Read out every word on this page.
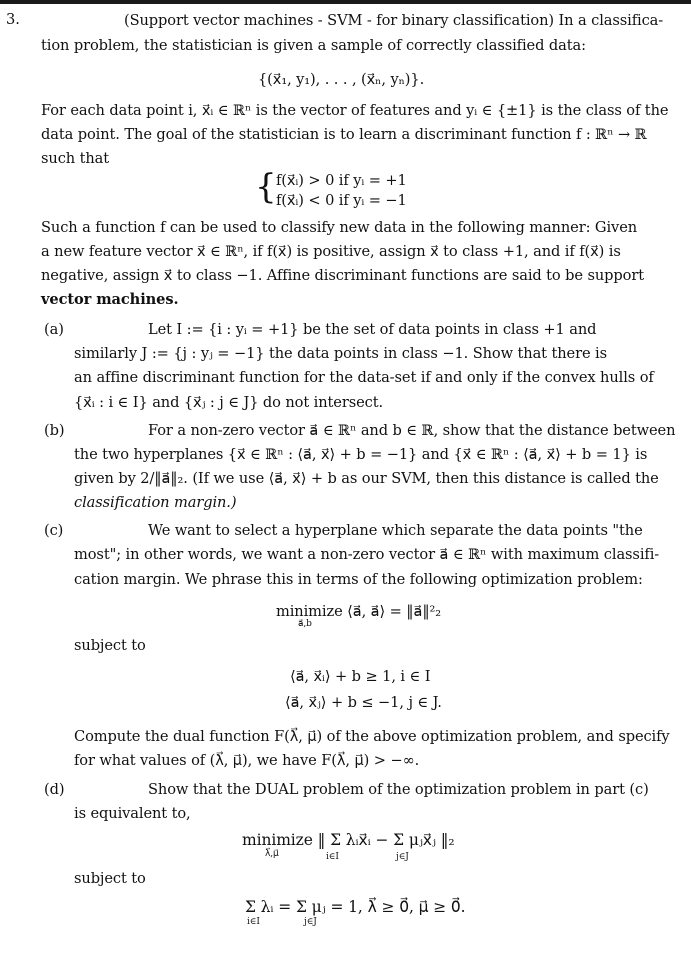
3.	(Support vector machines - SVM - for binary classification) In a classifica-
tion problem, the statistician is given a sample of correctly classified data:
{(x⃗₁, y₁), . . . , (x⃗ₙ, yₙ)}.
For each data point i, x⃗ᵢ ∈ ℝⁿ is the vector of features and yᵢ ∈ {±1} is the class of the
data point. The goal of the statistician is to learn a discriminant function f : ℝⁿ → ℝ
such that
{ f(x⃗ᵢ) > 0 if yᵢ = +1
f(x⃗ᵢ) < 0 if yᵢ = −1
Such a function f can be used to classify new data in the following manner: Given
a new feature vector x⃗ ∈ ℝⁿ, if f(x⃗) is positive, assign x⃗ to class +1, and if f(x⃗) is
negative, assign x⃗ to class −1. Affine discriminant functions are said to be support
vector machines.
(a)	Let I := {i : yᵢ = +1} be the set of data points in class +1 and
similarly J := {j : yⱼ = −1} the data points in class −1. Show that there is
an affine discriminant function for the data-set if and only if the convex hulls of
{x⃗ᵢ : i ∈ I} and {x⃗ⱼ : j ∈ J} do not intersect.
(b)	For a non-zero vector a⃗ ∈ ℝⁿ and b ∈ ℝ, show that the distance between
the two hyperplanes {x⃗ ∈ ℝⁿ : ⟨a⃗, x⃗⟩ + b = −1} and {x⃗ ∈ ℝⁿ : ⟨a⃗, x⃗⟩ + b = 1} is
given by 2/‖a⃗‖₂. (If we use ⟨a⃗, x⃗⟩ + b as our SVM, then this distance is called the
classification margin.)
(c)	We want to select a hyperplane which separate the data points "the
most"; in other words, we want a non-zero vector a⃗ ∈ ℝⁿ with maximum classifi-
cation margin. We phrase this in terms of the following optimization problem:
minimize ⟨a⃗, a⃗⟩ = ‖a⃗‖²₂
a⃗,b
subject to
⟨a⃗, x⃗ᵢ⟩ + b ≥ 1, i ∈ I
⟨a⃗, x⃗ⱼ⟩ + b ≤ −1, j ∈ J.
Compute the dual function F(λ⃗, μ⃗) of the above optimization problem, and specify
for what values of (λ⃗, μ⃗), we have F(λ⃗, μ⃗) > −∞.
(d)	Show that the DUAL problem of the optimization problem in part (c)
is equivalent to,
minimize ‖ Σ λᵢx⃗ᵢ − Σ μⱼx⃗ⱼ ‖₂
λ⃗,μ⃗	i∈I	j∈J
subject to
Σ λᵢ = Σ μⱼ = 1, λ⃗ ≥ 0⃗, μ⃗ ≥ 0⃗.
i∈I	j∈J
